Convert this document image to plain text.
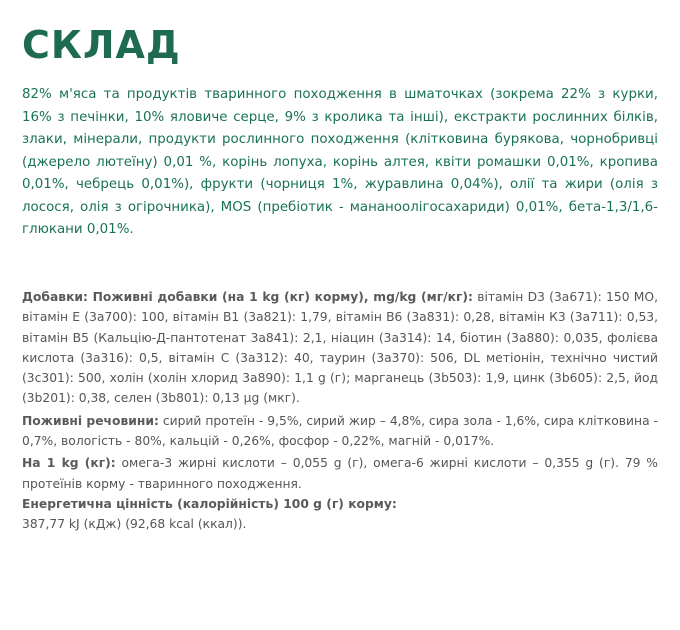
СКЛАД

82% м'яса та продуктів тваринного походження в шматочках (зокрема 22% з курки, 16% з печінки, 10% яловиче серце, 9% з кролика та інші), екстракти рослинних білків, злаки, мінерали, продукти рослинного походження (клітковина бурякова, чорнобривці (джерело лютеїну) 0,01 %, корінь лопуха, корінь алтея, квіти ромашки 0,01%, кропива 0,01%, чебрець 0,01%), фрукти (чорниця 1%, журавлина 0,04%), олії та жири (олія з лосося, олія з огірочника), MOS (пребіотик - мананоолігосахариди) 0,01%, бета-1,3/1,6-глюкани 0,01%.

Добавки: Поживні добавки (на 1 kg (кг) корму), mg/kg (мг/кг): вітамін D3 (3а671): 150 МО, вітамін Е (3а700): 100, вітамін В1 (3а821): 1,79, вітамін В6 (3а831): 0,28, вітамін К3 (3а711): 0,53, вітамін В5 (Кальцію-Д-пантотенат 3а841): 2,1, ніацин (3а314): 14, біотин (3а880): 0,035, фолієва кислота (3а316): 0,5, вітамін С (3а312): 40, таурин (3а370): 506, DL метіонін, технічно чистий (3с301): 500, холін (холін хлорид 3а890): 1,1 g (г); марганець (3b503): 1,9, цинк (3b605): 2,5, йод (3b201): 0,38, селен (3b801): 0,13 μg (мкг).

Поживні речовини: сирий протеїн - 9,5%, сирий жир – 4,8%, сира зола - 1,6%, сира клітковина - 0,7%, вологість - 80%, кальцій - 0,26%, фосфор - 0,22%, магній - 0,017%.

На 1 kg (кг): омега-3 жирні кислоти – 0,055 g (г), омега-6 жирні кислоти – 0,355 g (г). 79 % протеїнів корму - тваринного походження.

Енергетична цінність (калорійність) 100 g (г) корму:
387,77 kJ (кДж) (92,68 kcal (ккал)).
